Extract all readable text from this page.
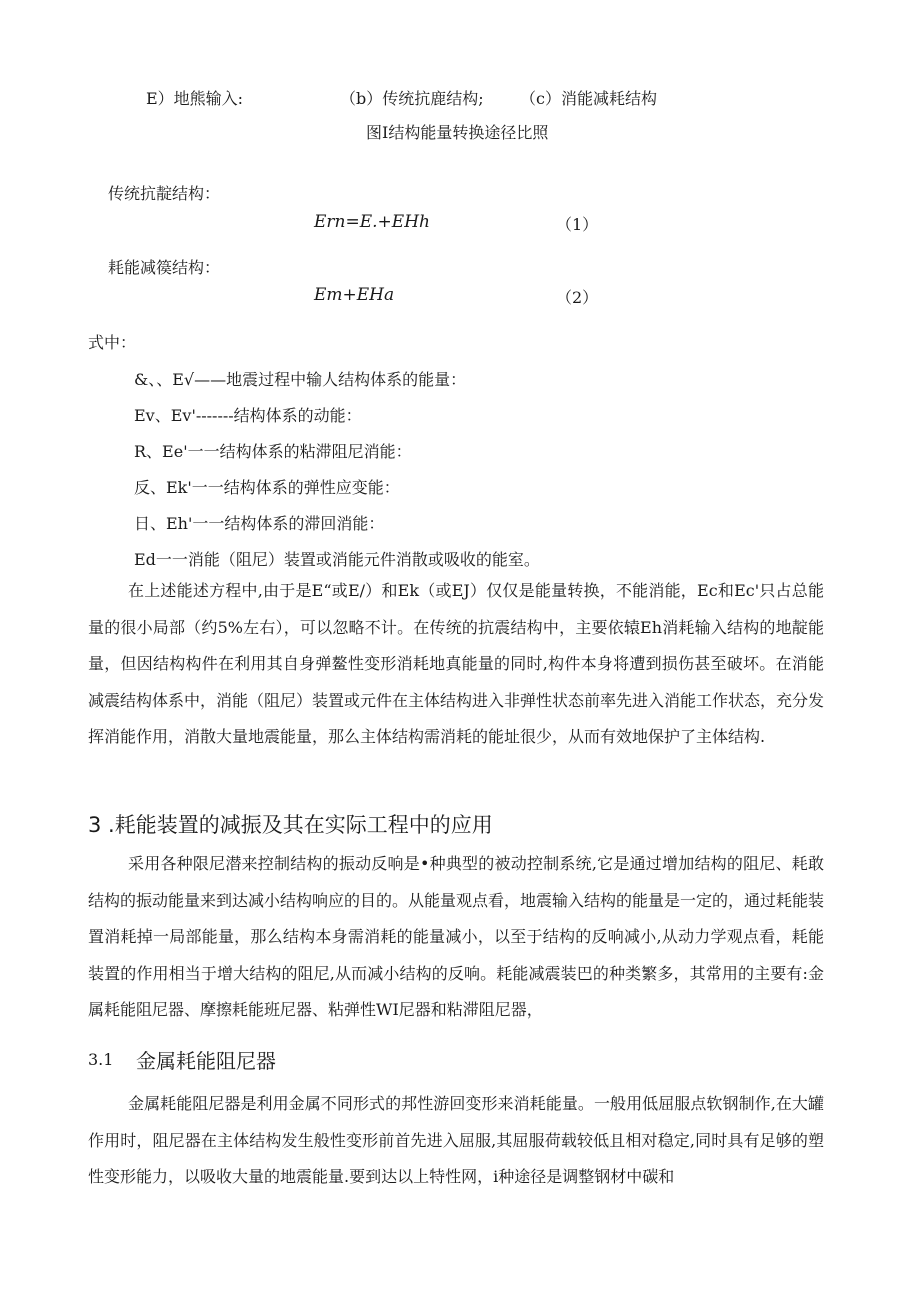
E）地熊输入:	（b）传统抗鹿结构; （c）消能减耗结构
图I结构能量转换途径比照
传统抗靛结构：
Ern=E.+EHh	（1）
耗能减篌结构：
Em+EHa	（2）
式中：
&、、E√——地震过程中输人结构体系的能量：
Ev、Ev'-------结构体系的动能：
R、Ee'一一结构体系的粘滞阻尼消能：
反、Ek'一一结构体系的弹性应变能：
日、Eh'一一结构体系的滞回消能：
Ed一一消能（阻尼）装置或消能元件消散或吸收的能室。

在上述能述方程中,由于是E“或E/）和Ek（或EJ）仅仅是能量转换，不能消能，Ec和Ec'只占总能量的很小局部（约5%左右），可以忽略不计。在传统的抗震结构中，主要依辕Eh消耗输入结构的地靛能量，但因结构构件在利用其自身弹鳌性变形消耗地真能量的同时,构件本身将遭到损伤甚至破坏。在消能减震结构体系中，消能（阻尼）装置或元件在主体结构进入非弹性状态前率先进入消能工作状态，充分发挥消能作用，消散大量地震能量，那么主体结构需消耗的能址很少，从而有效地保护了主体结构.

3 .耗能装置的减振及其在实际工程中的应用

采用各种限尼潜来控制结构的振动反响是•种典型的被动控制系统,它是通过增加结构的阻尼、耗敢结构的振动能量来到达减小结构响应的目的。从能量观点看，地震输入结构的能量是一定的，通过耗能装置消耗掉一局部能量，那么结构本身需消耗的能量减小，以至于结构的反响减小,从动力学观点看，耗能装置的作用相当于增大结构的阻尼,从而减小结构的反响。耗能减震装巴的种类繁多，其常用的主要有:金属耗能阻尼器、摩擦耗能班尼器、粘弹性WI尼器和粘滞阻尼器，

3.1 金属耗能阻尼器

金属耗能阻尼器是利用金属不同形式的邦性游回变形来消耗能量。一般用低屈服点软钢制作,在大罐作用时，阻尼器在主体结构发生般性变形前首先进入屈服,其屈服荷载较低且相对稳定,同时具有足够的塑性变形能力，以吸收大量的地震能量.要到达以上特性网，i种途径是调整钢材中碳和
